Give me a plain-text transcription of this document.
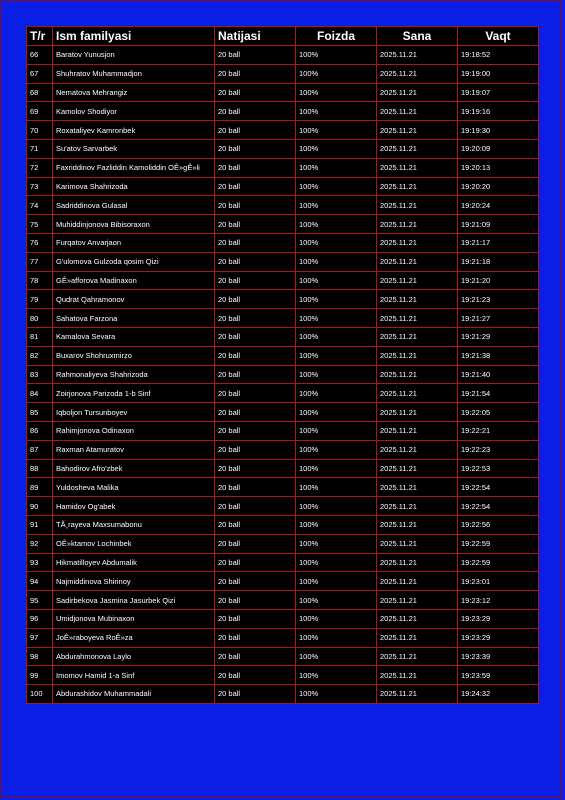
T/r	Ism familyasi	Natijasi	Foizda	Sana	Vaqt
66	Baratov Yunusjon	20 ball	100%	2025.11.21	19:18:52
67	Shuhratov Muhammadjon	20 ball	100%	2025.11.21	19:19:00
68	Nematova Mehrangiz	20 ball	100%	2025.11.21	19:19:07
69	Kamolov Shodiyor	20 ball	100%	2025.11.21	19:19:16
70	Roxataliyev Kamronbek	20 ball	100%	2025.11.21	19:19:30
71	Su'atov Sarvarbek	20 ball	100%	2025.11.21	19:20:09
72	Faxriddinov Fazliddin Kamoliddin OÊ»gÊ»li	20 ball	100%	2025.11.21	19:20:13
73	Karimova Shahrizoda	20 ball	100%	2025.11.21	19:20:20
74	Sadriddinova Gulasal	20 ball	100%	2025.11.21	19:20:24
75	Muhiddinjonova Bibisoraxon	20 ball	100%	2025.11.21	19:21:09
76	Furqatov Anvarjaon	20 ball	100%	2025.11.21	19:21:17
77	G'ulomova Gulzoda qosim Qizi	20 ball	100%	2025.11.21	19:21:18
78	GÊ»afforova Madinaxon	20 ball	100%	2025.11.21	19:21:20
79	Qudrat Qahramonov	20 ball	100%	2025.11.21	19:21:23
80	Sahatova Farzona	20 ball	100%	2025.11.21	19:21:27
81	Kamalova Sevara	20 ball	100%	2025.11.21	19:21:29
82	Buxarov Shohruxmirzo	20 ball	100%	2025.11.21	19:21:38
83	Rahmonaliyeva Shahrizoda	20 ball	100%	2025.11.21	19:21:40
84	Zoirjonova Parizoda 1-b Sinf	20 ball	100%	2025.11.21	19:21:54
85	Iqboljon Tursunboyev	20 ball	100%	2025.11.21	19:22:05
86	Rahimjonova Odinaxon	20 ball	100%	2025.11.21	19:22:21
87	Raxman Atamuratov	20 ball	100%	2025.11.21	19:22:23
88	Bahodirov Afro'zbek	20 ball	100%	2025.11.21	19:22:53
89	Yuldosheva Malika	20 ball	100%	2025.11.21	19:22:54
90	Hamidov Og'abek	20 ball	100%	2025.11.21	19:22:54
91	TÃ¸rayeva Maxsumabonu	20 ball	100%	2025.11.21	19:22:56
92	OÊ»ktamov Lochinbek	20 ball	100%	2025.11.21	19:22:59
93	Hikmatilloyev Abdumalik	20 ball	100%	2025.11.21	19:22:59
94	Najmiddinova Shirinoy	20 ball	100%	2025.11.21	19:23:01
95	Sadirbekova Jasmina Jasurbek Qizi	20 ball	100%	2025.11.21	19:23:12
96	Umidjonova Mubinaxon	20 ball	100%	2025.11.21	19:23:29
97	JoÊ»raboyeva RoÊ»za	20 ball	100%	2025.11.21	19:23:29
98	Abdurahmonova Laylo	20 ball	100%	2025.11.21	19:23:39
99	Imomov Hamid 1-a Sinf	20 ball	100%	2025.11.21	19:23:59
100	Abdurashidov Muhammadali	20 ball	100%	2025.11.21	19:24:32
